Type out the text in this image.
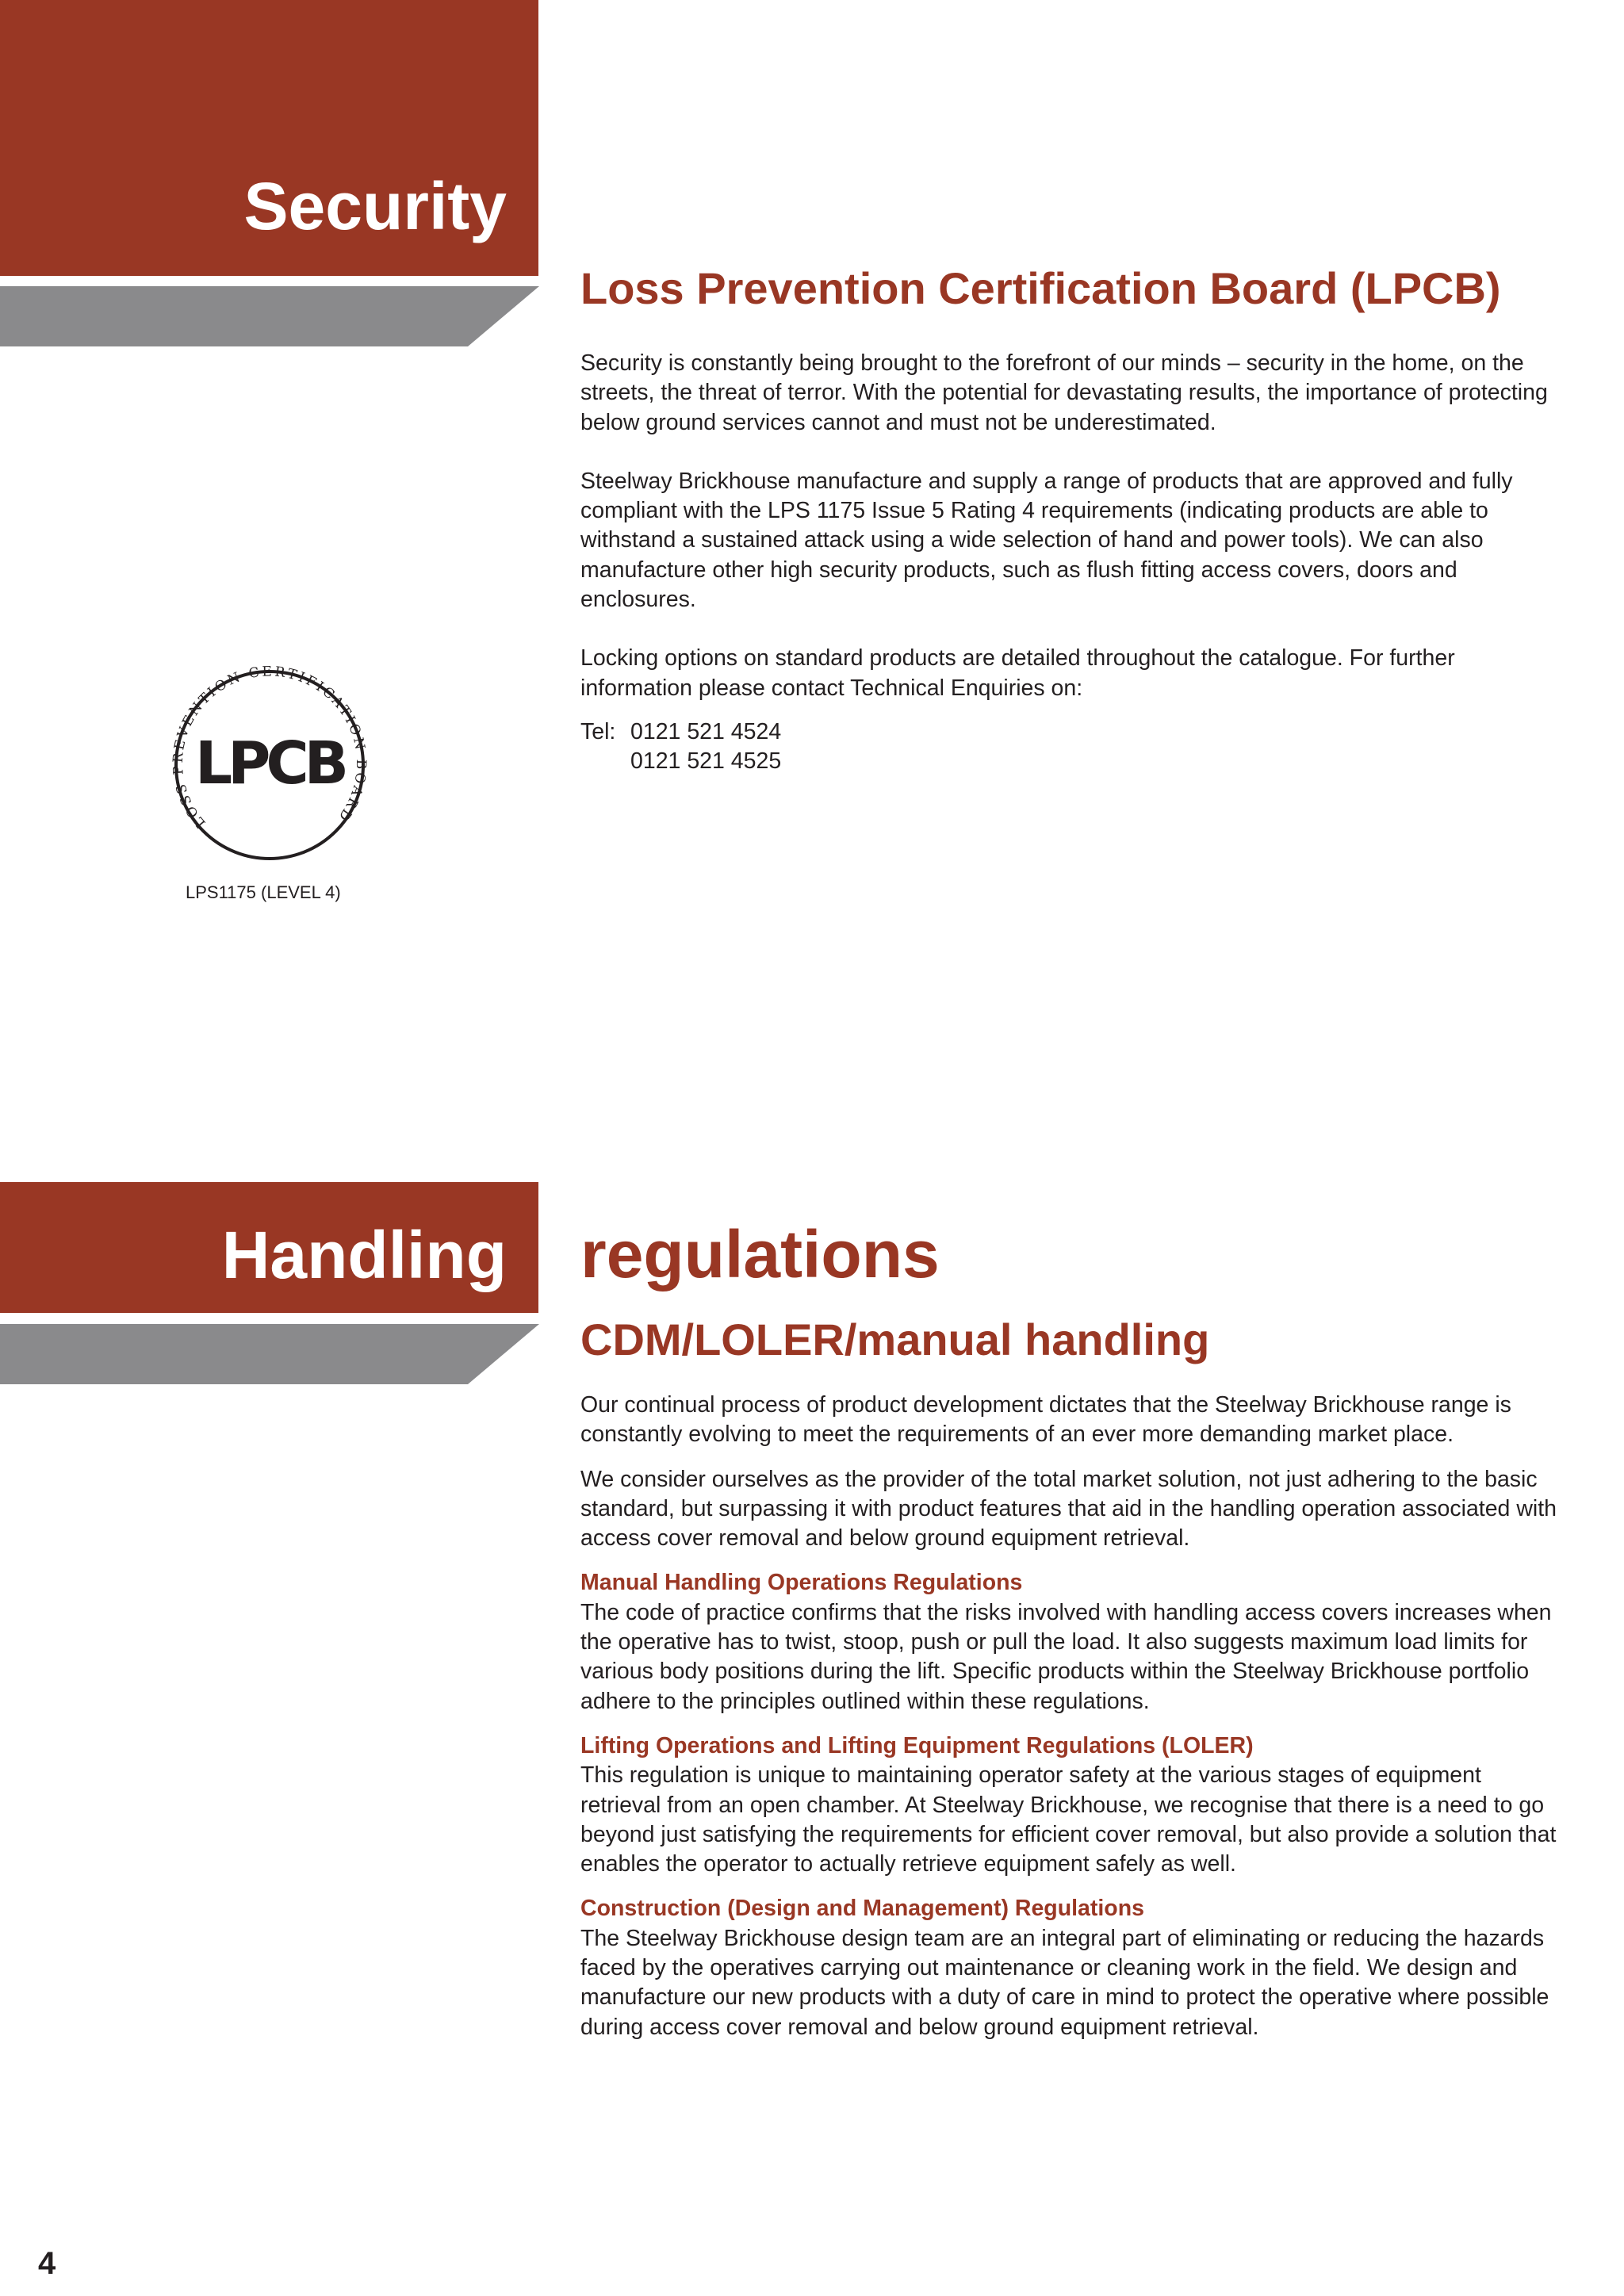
Security
Loss Prevention Certification Board (LPCB)

Security is constantly being brought to the forefront of our minds – security in the home, on the streets, the threat of terror. With the potential for devastating results, the importance of protecting below ground services cannot and must not be underestimated.

Steelway Brickhouse manufacture and supply a range of products that are approved and fully compliant with the LPS 1175 Issue 5 Rating 4 requirements (indicating products are able to withstand a sustained attack using a wide selection of hand and power tools). We can also manufacture other high security products, such as flush fitting access covers, doors and enclosures.

Locking options on standard products are detailed throughout the catalogue. For further information please contact Technical Enquiries on:

Tel: 0121 521 4524
0121 521 4525
LOSS PREVENTION CERTIFICATION BOARD
LPCB
LPS1175 (LEVEL 4)
Handling regulations
CDM/LOLER/manual handling

Our continual process of product development dictates that the Steelway Brickhouse range is constantly evolving to meet the requirements of an ever more demanding market place.

We consider ourselves as the provider of the total market solution, not just adhering to the basic standard, but surpassing it with product features that aid in the handling operation associated with access cover removal and below ground equipment retrieval.

Manual Handling Operations Regulations

The code of practice confirms that the risks involved with handling access covers increases when the operative has to twist, stoop, push or pull the load. It also suggests maximum load limits for various body positions during the lift. Specific products within the Steelway Brickhouse portfolio adhere to the principles outlined within these regulations.

Lifting Operations and Lifting Equipment Regulations (LOLER)

This regulation is unique to maintaining operator safety at the various stages of equipment retrieval from an open chamber. At Steelway Brickhouse, we recognise that there is a need to go beyond just satisfying the requirements for efficient cover removal, but also provide a solution that enables the operator to actually retrieve equipment safely as well.

Construction (Design and Management) Regulations

The Steelway Brickhouse design team are an integral part of eliminating or reducing the hazards faced by the operatives carrying out maintenance or cleaning work in the field. We design and manufacture our new products with a duty of care in mind to protect the operative where possible during access cover removal and below ground equipment retrieval.

4
